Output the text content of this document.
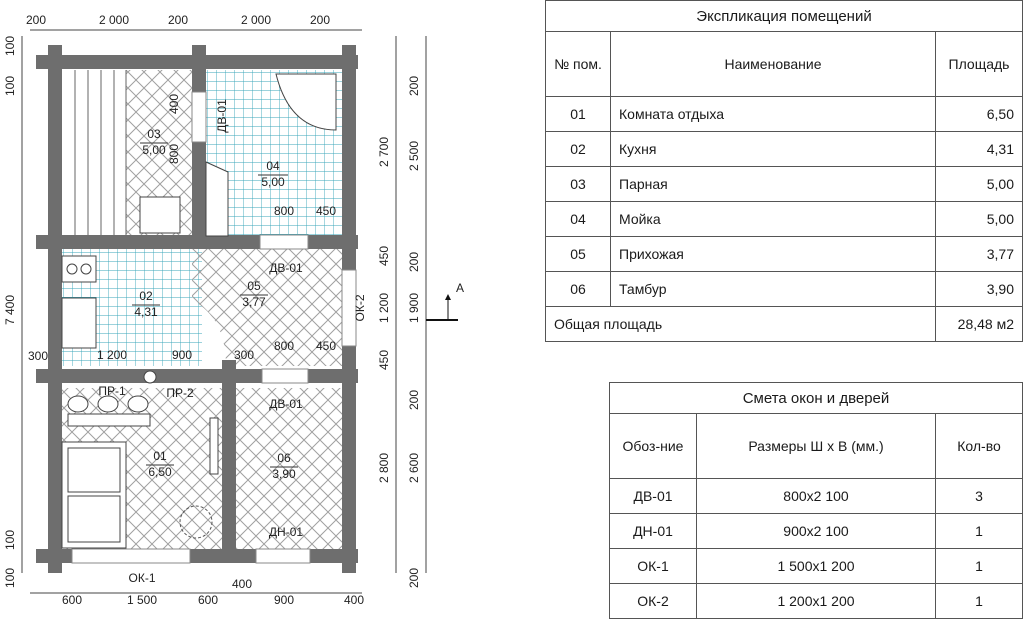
200	2 000	200	2 000	200
600	1 500	600	900	400
100
100
7 400
300
100
100
2 700
1 900
2 800
200
2 500
200
450
1 200
450
200
2 600
200
400
800
800 450
1 200	900	300
800 450
400
03
5,00
04
5,00
02
4,31
05
3,77
01
6,50
06
3,90
ДВ-01
ДВ-01
ДВ-01
ДН-01
ОК-1
ОК-2
ПР-1	ПР-2
А
Экспликация помещений		
№ пом.	Наименование	Площадь
01	Комната отдыха	6,50
02	Кухня	4,31
03	Парная	5,00
04	Мойка	5,00
05	Прихожая	3,77
06	Тамбур	3,90
Общая площадь		28,48 м2
Смета окон и дверей		
Обоз-ние	Размеры Ш х В (мм.)	Кол-во
ДВ-01	800х2 100	3
ДН-01	900х2 100	1
ОК-1	1 500х1 200	1
ОК-2	1 200х1 200	1
